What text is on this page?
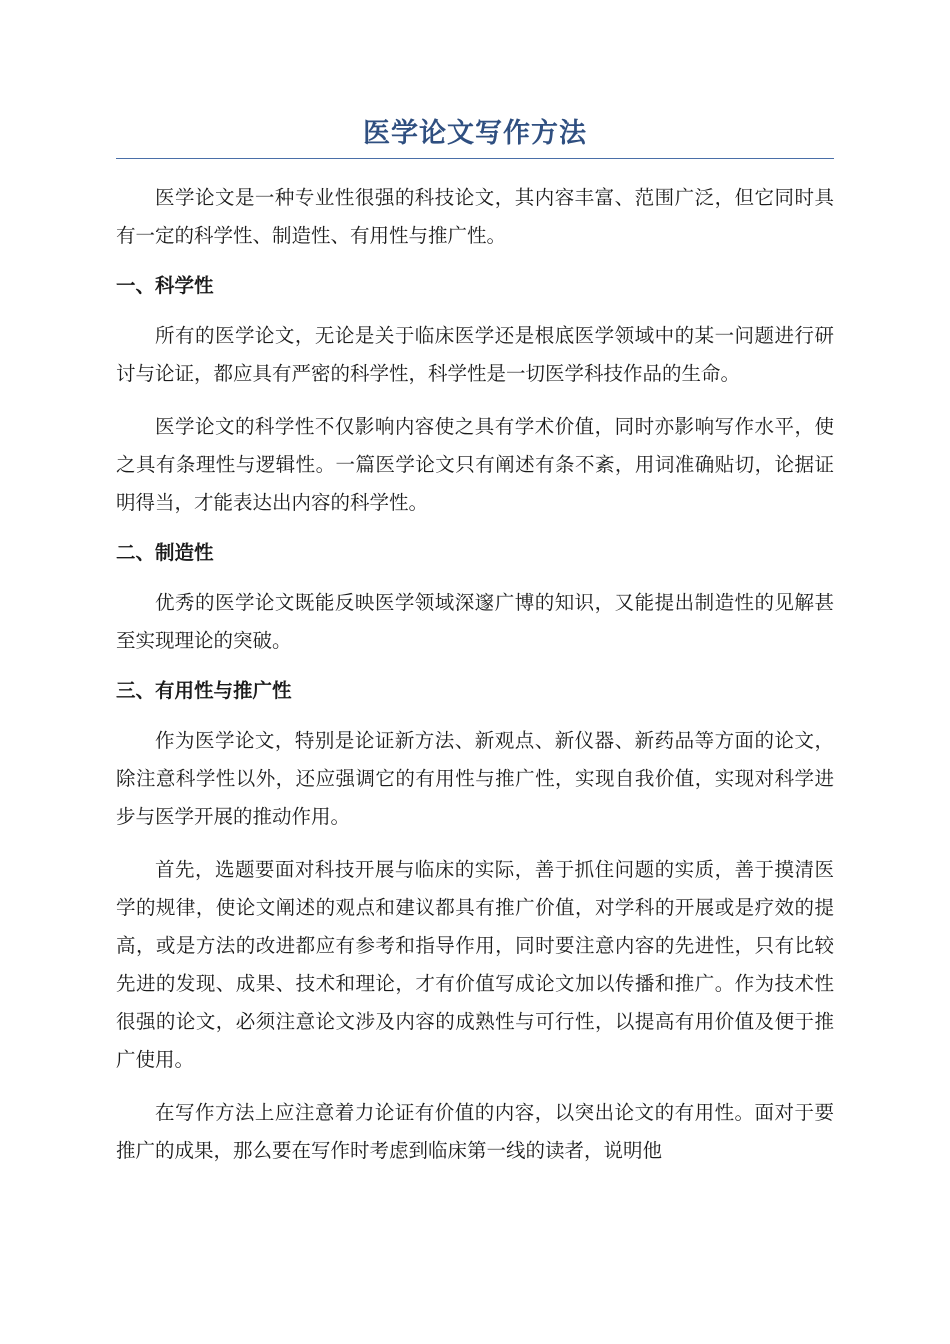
医学论文写作方法

医学论文是一种专业性很强的科技论文，其内容丰富、范围广泛，但它同时具有一定的科学性、制造性、有用性与推广性。

一、科学性

所有的医学论文，无论是关于临床医学还是根底医学领域中的某一问题进行研讨与论证，都应具有严密的科学性，科学性是一切医学科技作品的生命。

医学论文的科学性不仅影响内容使之具有学术价值，同时亦影响写作水平，使之具有条理性与逻辑性。一篇医学论文只有阐述有条不紊，用词准确贴切，论据证明得当，才能表达出内容的科学性。

二、制造性

优秀的医学论文既能反映医学领域深邃广博的知识，又能提出制造性的见解甚至实现理论的突破。

三、有用性与推广性

作为医学论文，特别是论证新方法、新观点、新仪器、新药品等方面的论文，除注意科学性以外，还应强调它的有用性与推广性，实现自我价值，实现对科学进步与医学开展的推动作用。

首先，选题要面对科技开展与临床的实际，善于抓住问题的实质，善于摸清医学的规律，使论文阐述的观点和建议都具有推广价值，对学科的开展或是疗效的提高，或是方法的改进都应有参考和指导作用，同时要注意内容的先进性，只有比较先进的发现、成果、技术和理论，才有价值写成论文加以传播和推广。作为技术性很强的论文，必须注意论文涉及内容的成熟性与可行性，以提高有用价值及便于推广使用。

在写作方法上应注意着力论证有价值的内容，以突出论文的有用性。面对于要推广的成果，那么要在写作时考虑到临床第一线的读者，说明他
